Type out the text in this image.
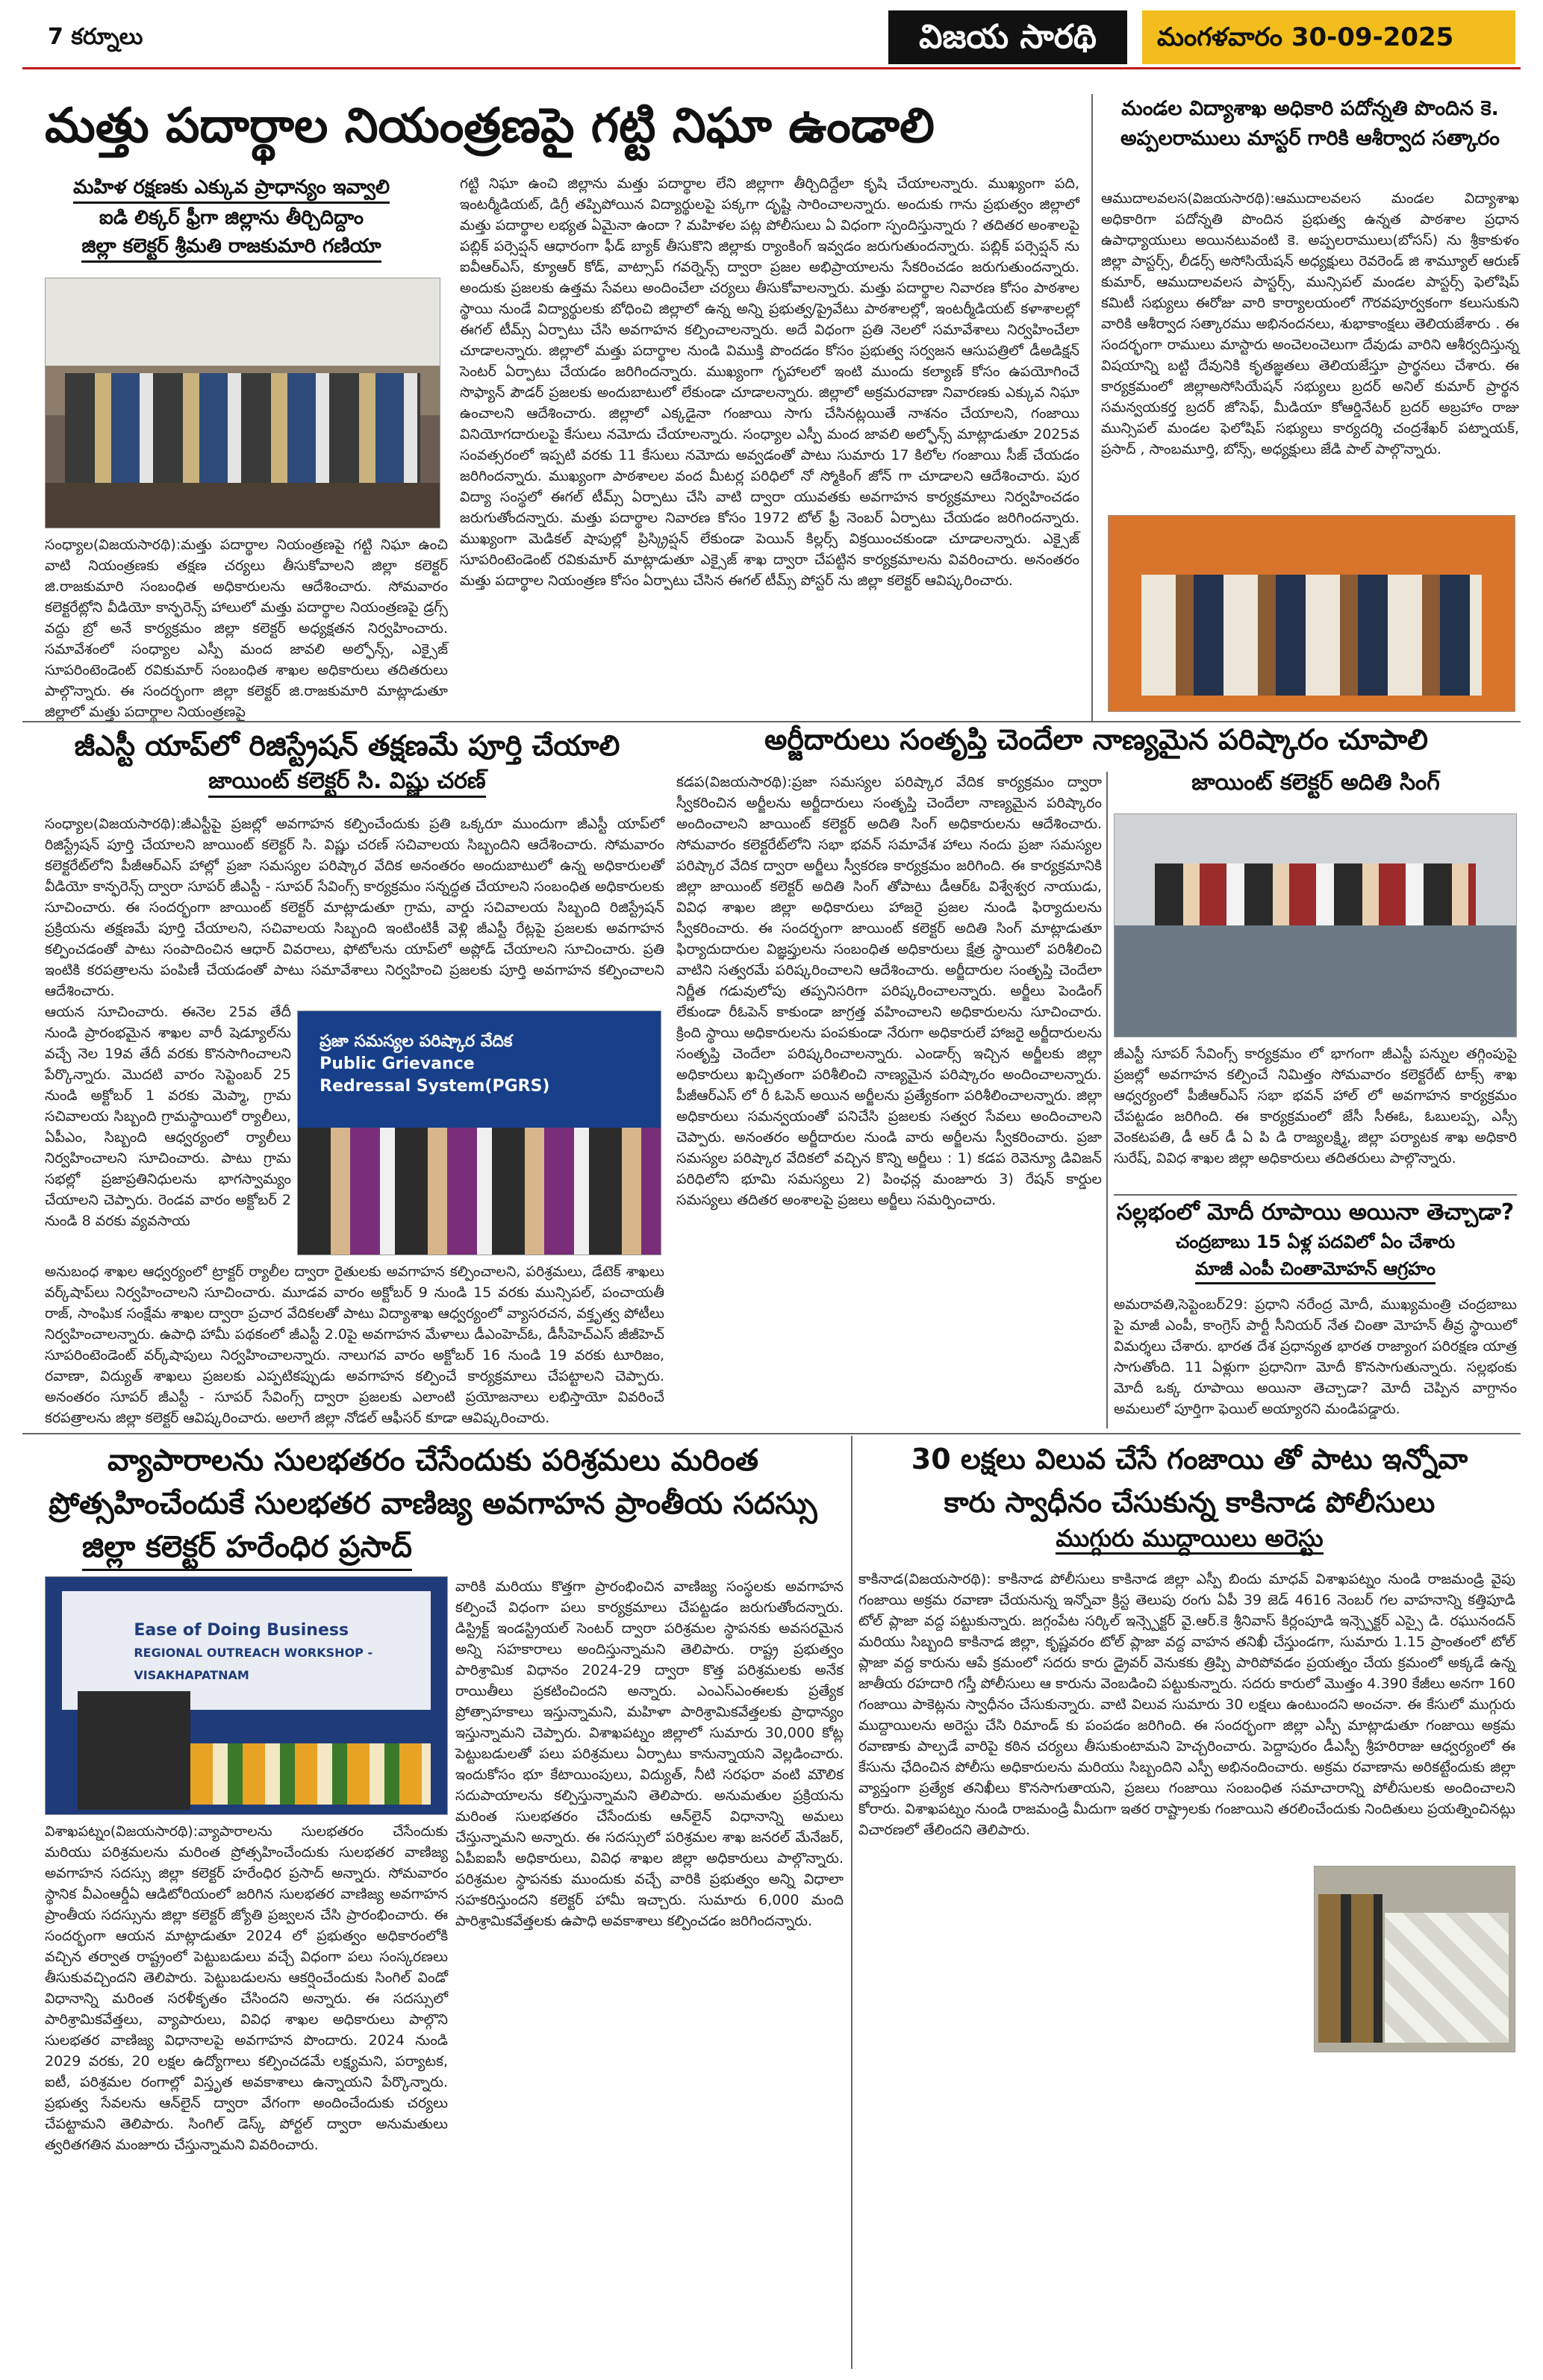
7 కర్నూలు	విజయ సారథి	మంగళవారం 30-09-2025
మత్తు పదార్థాల నియంత్రణపై గట్టి నిఘా ఉండాలి
మహిళ రక్షణకు ఎక్కువ ప్రాధాన్యం ఇవ్వాలి
ఐడి లిక్కర్ ఫ్రీగా జిల్లాను తీర్చిదిద్దాం
జిల్లా కలెక్టర్ శ్రీమతి రాజకుమారి గణియా

సంధ్యాల(విజయసారథి):మత్తు పదార్థాల నియంత్రణపై గట్టి నిఘా ఉంచి వాటి నియంత్రణకు తక్షణ చర్యలు తీసుకోవాలని జిల్లా కలెక్టర్ జి.రాజకుమారి సంబంధిత అధికారులను ఆదేశించారు. సోమవారం కలెక్టరేట్లోని వీడియో కాన్ఫరెన్స్ హాలులో మత్తు పదార్థాల నియంత్రణపై డ్రగ్స్ వద్దు బ్రో అనే కార్యక్రమం జిల్లా కలెక్టర్ అధ్యక్షతన నిర్వహించారు. సమావేశంలో సంధ్యాల ఎస్పీ మంద జావలి అల్ఫోన్స్, ఎక్సైజ్ సూపరింటెండెంట్ రవికుమార్ సంబంధిత శాఖల అధికారులు తదితరులు పాల్గొన్నారు. ఈ సందర్భంగా జిల్లా కలెక్టర్ జి.రాజకుమారి మాట్లాడుతూ జిల్లాలో మత్తు పదార్థాల నియంత్రణపై

గట్టి నిఘా ఉంచి జిల్లాను మత్తు పదార్థాల లేని జిల్లాగా తీర్చిదిద్దేలా కృషి చేయాలన్నారు. ముఖ్యంగా పది, ఇంటర్మీడియట్, డిగ్రీ తప్పిపోయిన విద్యార్థులపై పక్కగా దృష్టి సారించాలన్నారు. అందుకు గాను ప్రభుత్వం జిల్లాలో మత్తు పదార్థాల లభ్యత ఏమైనా ఉందా ? మహిళల పట్ల పోలీసులు ఏ విధంగా స్పందిస్తున్నారు ? తదితర అంశాలపై పబ్లిక్ పర్సెప్షన్ ఆధారంగా ఫీడ్ బ్యాక్ తీసుకొని జిల్లాకు ర్యాంకింగ్ ఇవ్వడం జరుగుతుందన్నారు. పబ్లిక్ పర్సెప్షన్ ను ఐవీఆర్ఎస్, క్యూఆర్ కోడ్, వాట్సాప్ గవర్నెన్స్ ద్వారా ప్రజల అభిప్రాయాలను సేకరించడం జరుగుతుందన్నారు. అందుకు ప్రజలకు ఉత్తమ సేవలు అందించేలా చర్యలు తీసుకోవాలన్నారు. మత్తు పదార్థాల నివారణ కోసం పాఠశాల స్థాయి నుండే విద్యార్థులకు బోధించి జిల్లాలో ఉన్న అన్ని ప్రభుత్వ/ప్రైవేటు పాఠశాలల్లో, ఇంటర్మీడియట్ కళాశాలల్లో ఈగల్ టీమ్స్ ఏర్పాటు చేసి అవగాహన కల్పించాలన్నారు. అదే విధంగా ప్రతి నెలలో సమావేశాలు నిర్వహించేలా చూడాలన్నారు. జిల్లాలో మత్తు పదార్థాల నుండి విముక్తి పొందడం కోసం ప్రభుత్వ సర్వజన ఆసుపత్రిలో డీఅడిక్షన్ సెంటర్ ఏర్పాటు చేయడం జరిగిందన్నారు. ముఖ్యంగా గృహాలలో ఇంటి ముందు కల్యాణ్ కోసం ఉపయోగించే సొఫ్యాన్ పౌడర్ ప్రజలకు అందుబాటులో లేకుండా చూడాలన్నారు. జిల్లాలో అక్రమరవాణా నివారణకు ఎక్కువ నిఘా ఉంచాలని ఆదేశించారు. జిల్లాలో ఎక్కడైనా గంజాయి సాగు చేసినట్లయితే నాశనం చేయాలని, గంజాయి వినియోగదారులపై కేసులు నమోదు చేయాలన్నారు. సంధ్యాల ఎస్పీ మంద జావలి అల్ఫోన్స్ మాట్లాడుతూ 2025వ సంవత్సరంలో ఇప్పటి వరకు 11 కేసులు నమోదు అవ్వడంతో పాటు సుమారు 17 కిలోల గంజాయి సీజ్ చేయడం జరిగిందన్నారు. ముఖ్యంగా పాఠశాలల వంద మీటర్ల పరిధిలో నో స్మోకింగ్ జోన్ గా చూడాలని ఆదేశించారు. పుర విద్యా సంస్థలో ఈగల్ టీమ్స్ ఏర్పాటు చేసి వాటి ద్వారా యువతకు అవగాహన కార్యక్రమాలు నిర్వహించడం జరుగుతోందన్నారు. మత్తు పదార్థాల నివారణ కోసం 1972 టోల్ ఫ్రీ నెంబర్ ఏర్పాటు చేయడం జరిగిందన్నారు. ముఖ్యంగా మెడికల్ షాపుల్లో ప్రిస్క్రిప్షన్ లేకుండా పెయిన్ కిల్లర్స్ విక్రయించకుండా చూడాలన్నారు. ఎక్సైజ్ సూపరింటెండెంట్ రవికుమార్ మాట్లాడుతూ ఎక్సైజ్ శాఖ ద్వారా చేపట్టిన కార్యక్రమాలను వివరించారు. అనంతరం మత్తు పదార్థాల నియంత్రణ కోసం ఏర్పాటు చేసిన ఈగల్ టీమ్స్ పోస్టర్ ను జిల్లా కలెక్టర్ ఆవిష్కరించారు.

మండల విద్యాశాఖ అధికారి పదోన్నతి పొందిన కె. అప్పలరాములు మాస్టర్ గారికి ఆశీర్వాద సత్కారం

ఆముదాలవలస(విజయసారథి):ఆముదాలవలస మండల విద్యాశాఖ అధికారిగా పదోన్నతి పొందిన ప్రభుత్వ ఉన్నత పాఠశాల ప్రధాన ఉపాధ్యాయులు అయినటువంటి కె. అప్పలరాములు(బోసస్) ను శ్రీకాకుళం జిల్లా పాస్టర్స్, లీడర్స్ అసోసియేషన్ అధ్యక్షులు రెవరెండ్ జి శామ్యూల్ ఆరుణ్ కుమార్, ఆముదాలవలస పాస్టర్స్, మున్సిపల్ మండల పాస్టర్స్ ఫెలోషిప్ కమిటీ సభ్యులు ఈరోజు వారి కార్యాలయంలో గౌరవపూర్వకంగా కలుసుకుని వారికి ఆశీర్వాద సత్కారము అభినందనలు, శుభాకాంక్షలు తెలియజేశారు . ఈ సందర్భంగా రాములు మాస్టారు అంచెలంచెలుగా దేవుడు వారిని ఆశీర్వదిస్తున్న విషయాన్ని బట్టి దేవునికి కృతజ్ఞతలు తెలియజేస్తూ ప్రార్థనలు చేశారు. ఈ కార్యక్రమంలో జిల్లాఅసోసియేషన్ సభ్యులు బ్రదర్ అనిల్ కుమార్ ప్రార్థన సమన్వయకర్త బ్రదర్ జోసెఫ్, మీడియా కోఆర్డినేటర్ బ్రదర్ అబ్రహాం రాజు మున్సిపల్ మండల ఫెలోషిప్ సభ్యులు కార్యదర్శి చంద్రశేఖర్ పట్నాయక్, ప్రసాద్ , సాంబమూర్తి, బోన్స్, అధ్యక్షులు జేడి పాల్ పాల్గొన్నారు.

జీఎస్టీ యాప్‌లో రిజిస్ట్రేషన్ తక్షణమే పూర్తి చేయాలి
జాయింట్ కలెక్టర్ సి. విష్ణు చరణ్

సంధ్యాల(విజయసారథి):జీఎస్టీపై ప్రజల్లో అవగాహన కల్పించేందుకు ప్రతి ఒక్కరూ ముందుగా జీఎస్టీ యాప్‌లో రిజిస్ట్రేషన్ పూర్తి చేయాలని జాయింట్ కలెక్టర్ సి. విష్ణు చరణ్ సచివాలయ సిబ్బందిని ఆదేశించారు. సోమవారం కలెక్టరేట్‌లోని పీజీఆర్ఎస్ హాల్లో ప్రజా సమస్యల పరిష్కార వేదిక అనంతరం అందుబాటులో ఉన్న అధికారులతో వీడియో కాన్ఫరెన్స్ ద్వారా సూపర్ జీఎస్టీ - సూపర్ సేవింగ్స్ కార్యక్రమం సన్నద్ధత చేయాలని సంబంధిత అధికారులకు సూచించారు. ఈ సందర్భంగా జాయింట్ కలెక్టర్ మాట్లాడుతూ గ్రామ, వార్డు సచివాలయ సిబ్బంది రిజిస్ట్రేషన్ ప్రక్రియను తక్షణమే పూర్తి చేయాలని, సచివాలయ సిబ్బంది ఇంటింటికీ వెళ్లి జీఎస్టీ రేట్లపై ప్రజలకు అవగాహన కల్పించడంతో పాటు సంపాదించిన ఆధార్ వివరాలు, ఫోటోలను యాప్‌లో అప్లోడ్ చేయాలని సూచించారు. ప్రతి ఇంటికి కరపత్రాలను పంపిణీ చేయడంతో పాటు సమావేశాలు నిర్వహించి ప్రజలకు పూర్తి అవగాహన కల్పించాలని ఆదేశించారు.

ఆయన సూచించారు. ఈనెల 25వ తేదీ నుండి ప్రారంభమైన శాఖల వారీ షెడ్యూల్‌ను వచ్చే నెల 19వ తేదీ వరకు కొనసాగించాలని పేర్కొన్నారు. మొదటి వారం సెప్టెంబర్ 25 నుండి అక్టోబర్ 1 వరకు మెప్మా, గ్రామ సచివాలయ సిబ్బంది గ్రామస్థాయిలో ర్యాలీలు, ఏపీఎం, సిబ్బంది ఆధ్వర్యంలో ర్యాలీలు నిర్వహించాలని సూచించారు. పాటు గ్రామ సభల్లో ప్రజాప్రతినిధులను భాగస్వామ్యం చేయాలని చెప్పారు. రెండవ వారం అక్టోబర్ 2 నుండి 8 వరకు వ్యవసాయ

ప్రజా సమస్యల పరిష్కార వేదిక
Public Grievance
Redressal System(PGRS)

అనుబంధ శాఖల ఆధ్వర్యంలో ట్రాక్టర్ ర్యాలీల ద్వారా రైతులకు అవగాహన కల్పించాలని, పరిశ్రమలు, డేటెక్ శాఖలు వర్క్‌షాప్‌లు నిర్వహించాలని సూచించారు. మూడవ వారం అక్టోబర్ 9 నుండి 15 వరకు మున్సిపల్, పంచాయతీ రాజ్, సాంఘిక సంక్షేమ శాఖల ద్వారా ప్రచార వేదికలతో పాటు విద్యాశాఖ ఆధ్వర్యంలో వ్యాసరచన, వక్తృత్వ పోటీలు నిర్వహించాలన్నారు. ఉపాధి హామీ పథకంలో జీఎస్టీ 2.0పై అవగాహన మేళాలు డీఎంహెచ్ఓ, డీసీహెచ్ఎస్ జీజీహెచ్ సూపరింటెండెంట్ వర్క్‌షాపులు నిర్వహించాలన్నారు. నాలుగవ వారం అక్టోబర్ 16 నుండి 19 వరకు టూరిజం, రవాణా, విద్యుత్ శాఖలు ప్రజలకు ఎప్పటికప్పుడు అవగాహన కల్పించే కార్యక్రమాలు చేపట్టాలని చెప్పారు. అనంతరం సూపర్ జీఎస్టీ - సూపర్ సేవింగ్స్ ద్వారా ప్రజలకు ఎలాంటి ప్రయోజనాలు లభిస్తాయో వివరించే కరపత్రాలను జిల్లా కలెక్టర్ ఆవిష్కరించారు. అలాగే జిల్లా నోడల్ ఆఫీసర్ కూడా ఆవిష్కరించారు.

అర్జీదారులు సంతృప్తి చెందేలా నాణ్యమైన పరిష్కారం చూపాలి

కడప(విజయసారథి):ప్రజా సమస్యల పరిష్కార వేదిక కార్యక్రమం ద్వారా స్వీకరించిన అర్జీలను అర్జీదారులు సంతృప్తి చెందేలా నాణ్యమైన పరిష్కారం అందించాలని జాయింట్ కలెక్టర్ అదితి సింగ్ అధికారులను ఆదేశించారు. సోమవారం కలెక్టరేట్‌లోని సభా భవన్ సమావేశ హాలు నందు ప్రజా సమస్యల పరిష్కార వేదిక ద్వారా అర్జీలు స్వీకరణ కార్యక్రమం జరిగింది. ఈ కార్యక్రమానికి జిల్లా జాయింట్ కలెక్టర్ అదితి సింగ్ తోపాటు డీఆర్ఓ విశ్వేశ్వర నాయుడు, వివిధ శాఖల జిల్లా అధికారులు హాజరై ప్రజల నుండి ఫిర్యాదులను స్వీకరించారు. ఈ సందర్భంగా జాయింట్ కలెక్టర్ అదితి సింగ్ మాట్లాడుతూ ఫిర్యాదుదారుల విజ్ఞప్తులను సంబంధిత అధికారులు క్షేత్ర స్థాయిలో పరిశీలించి వాటిని సత్వరమే పరిష్కరించాలని ఆదేశించారు. అర్జీదారుల సంతృప్తి చెందేలా నిర్ణీత గడువులోపు తప్పనిసరిగా పరిష్కరించాలన్నారు. అర్జీలు పెండింగ్ లేకుండా రీఓపెన్ కాకుండా జాగ్రత్త వహించాలని అధికారులను సూచించారు. క్రింది స్థాయి అధికారులను పంపకుండా నేరుగా అధికారులే హాజరై అర్జీదారులను సంతృప్తి చెందేలా పరిష్కరించాలన్నారు. ఎండార్స్ ఇచ్చిన అర్జీలకు జిల్లా అధికారులు ఖచ్చితంగా పరిశీలించి నాణ్యమైన పరిష్కారం అందించాలన్నారు. పీజీఆర్ఎస్ లో రీ ఓపెన్ అయిన అర్జీలను ప్రత్యేకంగా పరిశీలించాలన్నారు. జిల్లా అధికారులు సమన్వయంతో పనిచేసి ప్రజలకు సత్వర సేవలు అందించాలని చెప్పారు. అనంతరం అర్జీదారుల నుండి వారు అర్జీలను స్వీకరించారు. ప్రజా సమస్యల పరిష్కార వేదికలో వచ్చిన కొన్ని అర్జీలు : 1) కడప రెవెన్యూ డివిజన్ పరిధిలోని భూమి సమస్యలు 2) పింఛన్ల మంజూరు 3) రేషన్ కార్డుల సమస్యలు తదితర అంశాలపై ప్రజలు అర్జీలు సమర్పించారు.

జాయింట్ కలెక్టర్ అదితి సింగ్

జీఎస్టీ సూపర్ సేవింగ్స్ కార్యక్రమం లో భాగంగా జీఎస్టీ పన్నుల తగ్గింపుపై ప్రజల్లో అవగాహన కల్పించే నిమిత్తం సోమవారం కలెక్టరేట్ టాక్స్ శాఖ ఆధ్వర్యంలో పీజీఆర్ఎస్ సభా భవన్ హాల్ లో అవగాహన కార్యక్రమం చేపట్టడం జరిగింది. ఈ కార్యక్రమంలో జేసీ సీఈఓ, ఓబులప్ప, ఎస్సీ వెంకటపతి, డీ ఆర్ డీ ఏ పి డి రాజ్యలక్ష్మి, జిల్లా పర్యాటక శాఖ అధికారి సురేష్, వివిధ శాఖల జిల్లా అధికారులు తదితరులు పాల్గొన్నారు.

సల్లభంలో మోదీ రూపాయి అయినా తెచ్చాడా?
చంద్రబాబు 15 ఏళ్ల పదవిలో ఏం చేశారు
మాజీ ఎంపీ చింతామోహన్ ఆగ్రహం

అమరావతి,సెప్టెంబర్29: ప్రధాని నరేంద్ర మోదీ, ముఖ్యమంత్రి చంద్రబాబు పై మాజీ ఎంపీ, కాంగ్రెస్ పార్టీ సీనియర్ నేత చింతా మోహన్ తీవ్ర స్థాయిలో విమర్శలు చేశారు. భారత దేశ ప్రధాన్యత భారత రాజ్యాంగ పరిరక్షణ యాత్ర సాగుతోంది. 11 ఏళ్లుగా ప్రధానిగా మోదీ కొనసాగుతున్నారు. సల్లభంకు మోదీ ఒక్క రూపాయి అయినా తెచ్చాడా? మోదీ చెప్పిన వాగ్దానం అమలులో పూర్తిగా ఫెయిల్ అయ్యారని మండిపడ్డారు.

వ్యాపారాలను సులభతరం చేసేందుకు పరిశ్రమలు మరింత
ప్రోత్సహించేందుకే సులభతర వాణిజ్య అవగాహన ప్రాంతీయ సదస్సు
జిల్లా కలెక్టర్ హరేంధిర ప్రసాద్
Ease of Doing Business
REGIONAL OUTREACH WORKSHOP - VISAKHAPATNAM

వారికి మరియు కొత్తగా ప్రారంభించిన వాణిజ్య సంస్థలకు అవగాహన కల్పించే విధంగా పలు కార్యక్రమాలు చేపట్టడం జరుగుతోందన్నారు. డిస్ట్రిక్ట్ ఇండస్ట్రియల్ సెంటర్ ద్వారా పరిశ్రమల స్థాపనకు అవసరమైన అన్ని సహకారాలు అందిస్తున్నామని తెలిపారు. రాష్ట్ర ప్రభుత్వం పారిశ్రామిక విధానం 2024-29 ద్వారా కొత్త పరిశ్రమలకు అనేక రాయితీలు ప్రకటించిందని అన్నారు. ఎంఎస్ఎంఈలకు ప్రత్యేక ప్రోత్సాహకాలు ఇస్తున్నామని, మహిళా పారిశ్రామికవేత్తలకు ప్రాధాన్యం ఇస్తున్నామని చెప్పారు. విశాఖపట్నం జిల్లాలో సుమారు 30,000 కోట్ల పెట్టుబడులతో పలు పరిశ్రమలు ఏర్పాటు కానున్నాయని వెల్లడించారు. ఇందుకోసం భూ కేటాయింపులు, విద్యుత్, నీటి సరఫరా వంటి మౌలిక సదుపాయాలను కల్పిస్తున్నామని తెలిపారు. అనుమతుల ప్రక్రియను మరింత సులభతరం చేసేందుకు ఆన్‌లైన్ విధానాన్ని అమలు చేస్తున్నామని అన్నారు. ఈ సదస్సులో పరిశ్రమల శాఖ జనరల్ మేనేజర్, ఏపీఐఐసీ అధికారులు, వివిధ శాఖల జిల్లా అధికారులు పాల్గొన్నారు. పరిశ్రమల స్థాపనకు ముందుకు వచ్చే వారికి ప్రభుత్వం అన్ని విధాలా సహకరిస్తుందని కలెక్టర్ హామీ ఇచ్చారు. సుమారు 6,000 మంది పారిశ్రామికవేత్తలకు ఉపాధి అవకాశాలు కల్పించడం జరిగిందన్నారు.

విశాఖపట్నం(విజయసారథి):వ్యాపారాలను సులభతరం చేసేందుకు మరియు పరిశ్రమలను మరింత ప్రోత్సహించేందుకు సులభతర వాణిజ్య అవగాహన సదస్సు జిల్లా కలెక్టర్ హరేంధిర ప్రసాద్ అన్నారు. సోమవారం స్థానిక వీఎంఆర్డీఏ ఆడిటోరియంలో జరిగిన సులభతర వాణిజ్య అవగాహన ప్రాంతీయ సదస్సును జిల్లా కలెక్టర్ జ్యోతి ప్రజ్వలన చేసి ప్రారంభించారు. ఈ సందర్భంగా ఆయన మాట్లాడుతూ 2024 లో ప్రభుత్వం అధికారంలోకి వచ్చిన తర్వాత రాష్ట్రంలో పెట్టుబడులు వచ్చే విధంగా పలు సంస్కరణలు తీసుకువచ్చిందని తెలిపారు. పెట్టుబడులను ఆకర్షించేందుకు సింగిల్ విండో విధానాన్ని మరింత సరళీకృతం చేసిందని అన్నారు. ఈ సదస్సులో పారిశ్రామికవేత్తలు, వ్యాపారులు, వివిధ శాఖల అధికారులు పాల్గొని సులభతర వాణిజ్య విధానాలపై అవగాహన పొందారు. 2024 నుండి 2029 వరకు, 20 లక్షల ఉద్యోగాలు కల్పించడమే లక్ష్యమని, పర్యాటక, ఐటీ, పరిశ్రమల రంగాల్లో విస్తృత అవకాశాలు ఉన్నాయని పేర్కొన్నారు. ప్రభుత్వ సేవలను ఆన్‌లైన్ ద్వారా వేగంగా అందించేందుకు చర్యలు చేపట్టామని తెలిపారు. సింగిల్ డెస్క్ పోర్టల్ ద్వారా అనుమతులు త్వరితగతిన మంజూరు చేస్తున్నామని వివరించారు.

30 లక్షలు విలువ చేసే గంజాయి తో పాటు ఇన్నోవా
కారు స్వాధీనం చేసుకున్న కాకినాడ పోలీసులు
ముగ్గురు ముద్దాయిలు అరెస్టు

కాకినాడ(విజయసారథి): కాకినాడ పోలీసులు కాకినాడ జిల్లా ఎస్పీ బిందు మాధవ్ విశాఖపట్నం నుండి రాజమండ్రి వైపు గంజాయి అక్రమ రవాణా చేయనున్న ఇన్నోవా క్రిస్ట తెలుపు రంగు ఏపీ 39 జెడ్ 4616 నెంబర్ గల వాహనాన్ని కత్తిపూడి టోల్ ప్లాజా వద్ద పట్టుకున్నారు. జగ్గంపేట సర్కిల్ ఇన్స్పెక్టర్ వై.ఆర్.కె శ్రీనివాస్ కిర్లంపూడి ఇన్స్పెక్టర్ ఎస్సై డి. రఘునందన్ మరియు సిబ్బంది కాకినాడ జిల్లా, కృష్ణవరం టోల్ ప్లాజా వద్ద వాహన తనిఖీ చేస్తుండగా, సుమారు 1.15 ప్రాంతంలో టోల్ ప్లాజా వద్ద కారును ఆపే క్రమంలో సదరు కారు డ్రైవర్ వెనుకకు త్రిప్పి పారిపోవడం ప్రయత్నం చేయ క్రమంలో అక్కడే ఉన్న జాతీయ రహదారి గస్తీ పోలీసులు ఆ కారును వెంబడించి పట్టుకున్నారు. సదరు కారులో మొత్తం 4.390 కేజీలు అనగా 160 గంజాయి పాకెట్లను స్వాధీనం చేసుకున్నారు. వాటి విలువ సుమారు 30 లక్షలు ఉంటుందని అంచనా. ఈ కేసులో ముగ్గురు ముద్దాయిలను అరెస్టు చేసి రిమాండ్ కు పంపడం జరిగింది. ఈ సందర్భంగా జిల్లా ఎస్పీ మాట్లాడుతూ గంజాయి అక్రమ రవాణాకు పాల్పడే వారిపై కఠిన చర్యలు తీసుకుంటామని హెచ్చరించారు. పెద్దాపురం డీఎస్పీ శ్రీహరిరాజు ఆధ్వర్యంలో ఈ కేసును ఛేదించిన పోలీసు అధికారులను మరియు సిబ్బందిని ఎస్పీ అభినందించారు. అక్రమ రవాణాను అరికట్టేందుకు జిల్లా వ్యాప్తంగా ప్రత్యేక తనిఖీలు కొనసాగుతాయని, ప్రజలు గంజాయి సంబంధిత సమాచారాన్ని పోలీసులకు అందించాలని కోరారు. విశాఖపట్నం నుండి రాజమండ్రి మీదుగా ఇతర రాష్ట్రాలకు గంజాయిని తరలించేందుకు నిందితులు ప్రయత్నించినట్లు విచారణలో తేలిందని తెలిపారు.
